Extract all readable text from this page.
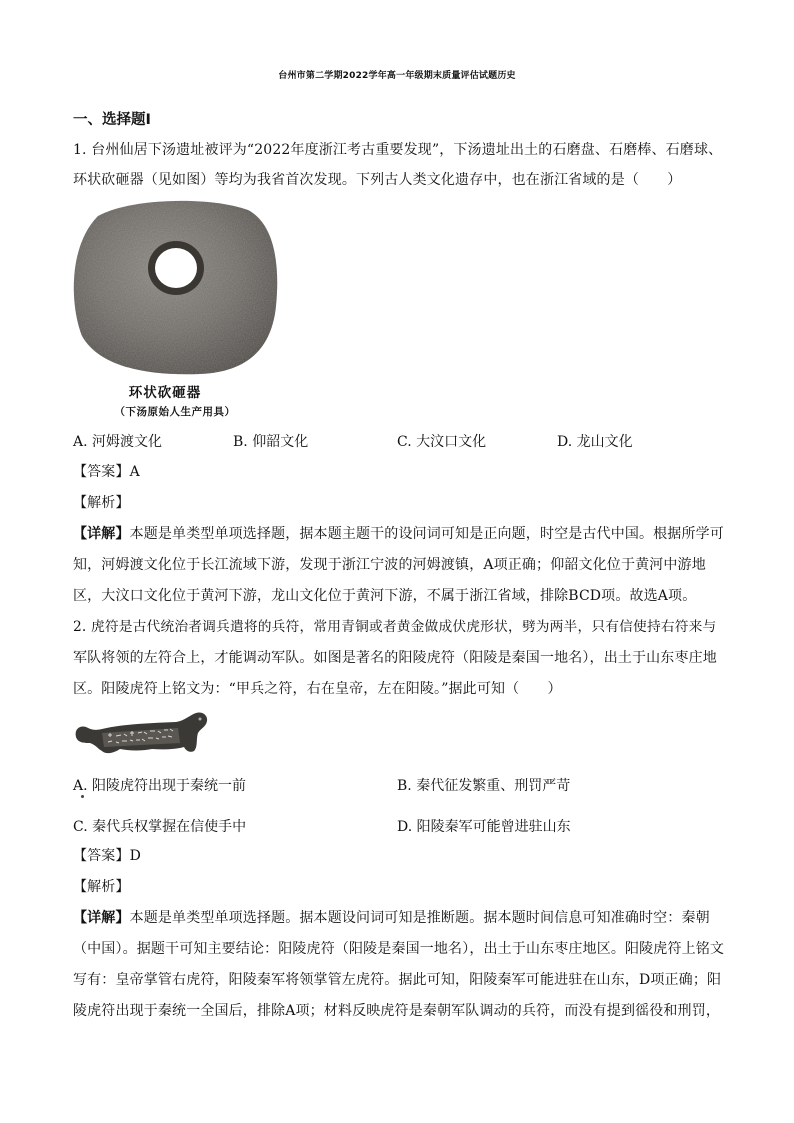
台州市第二学期2022学年高一年级期末质量评估试题历史
一、选择题Ⅰ
1. 台州仙居下汤遗址被评为“2022年度浙江考古重要发现”，下汤遗址出土的石磨盘、石磨棒、石磨球、
环状砍砸器（见如图）等均为我省首次发现。下列古人类文化遗存中，也在浙江省域的是（　　）
环状砍砸器
（下汤原始人生产用具）
A. 河姆渡文化	B. 仰韶文化	C. 大汶口文化	D. 龙山文化
【答案】A
【解析】
【详解】本题是单类型单项选择题，据本题主题干的设问词可知是正向题，时空是古代中国。根据所学可
知，河姆渡文化位于长江流域下游，发现于浙江宁波的河姆渡镇，A项正确；仰韶文化位于黄河中游地
区，大汶口文化位于黄河下游，龙山文化位于黄河下游，不属于浙江省域，排除BCD项。故选A项。
2. 虎符是古代统治者调兵遣将的兵符，常用青铜或者黄金做成伏虎形状，劈为两半，只有信使持右符来与
军队将领的左符合上，才能调动军队。如图是著名的阳陵虎符（阳陵是秦国一地名），出土于山东枣庄地
区。阳陵虎符上铭文为：“甲兵之符，右在皇帝，左在阳陵。”据此可知（　　）
A. 阳陵虎符出现于秦统一前	B. 秦代征发繁重、刑罚严苛
C. 秦代兵权掌握在信使手中	D. 阳陵秦军可能曾进驻山东
【答案】D
【解析】
【详解】本题是单类型单项选择题。据本题设问词可知是推断题。据本题时间信息可知准确时空：秦朝
（中国）。据题干可知主要结论：阳陵虎符（阳陵是秦国一地名），出土于山东枣庄地区。阳陵虎符上铭文
写有：皇帝掌管右虎符，阳陵秦军将领掌管左虎符。据此可知，阳陵秦军可能进驻在山东，D项正确；阳
陵虎符出现于秦统一全国后，排除A项；材料反映虎符是秦朝军队调动的兵符，而没有提到徭役和刑罚，
